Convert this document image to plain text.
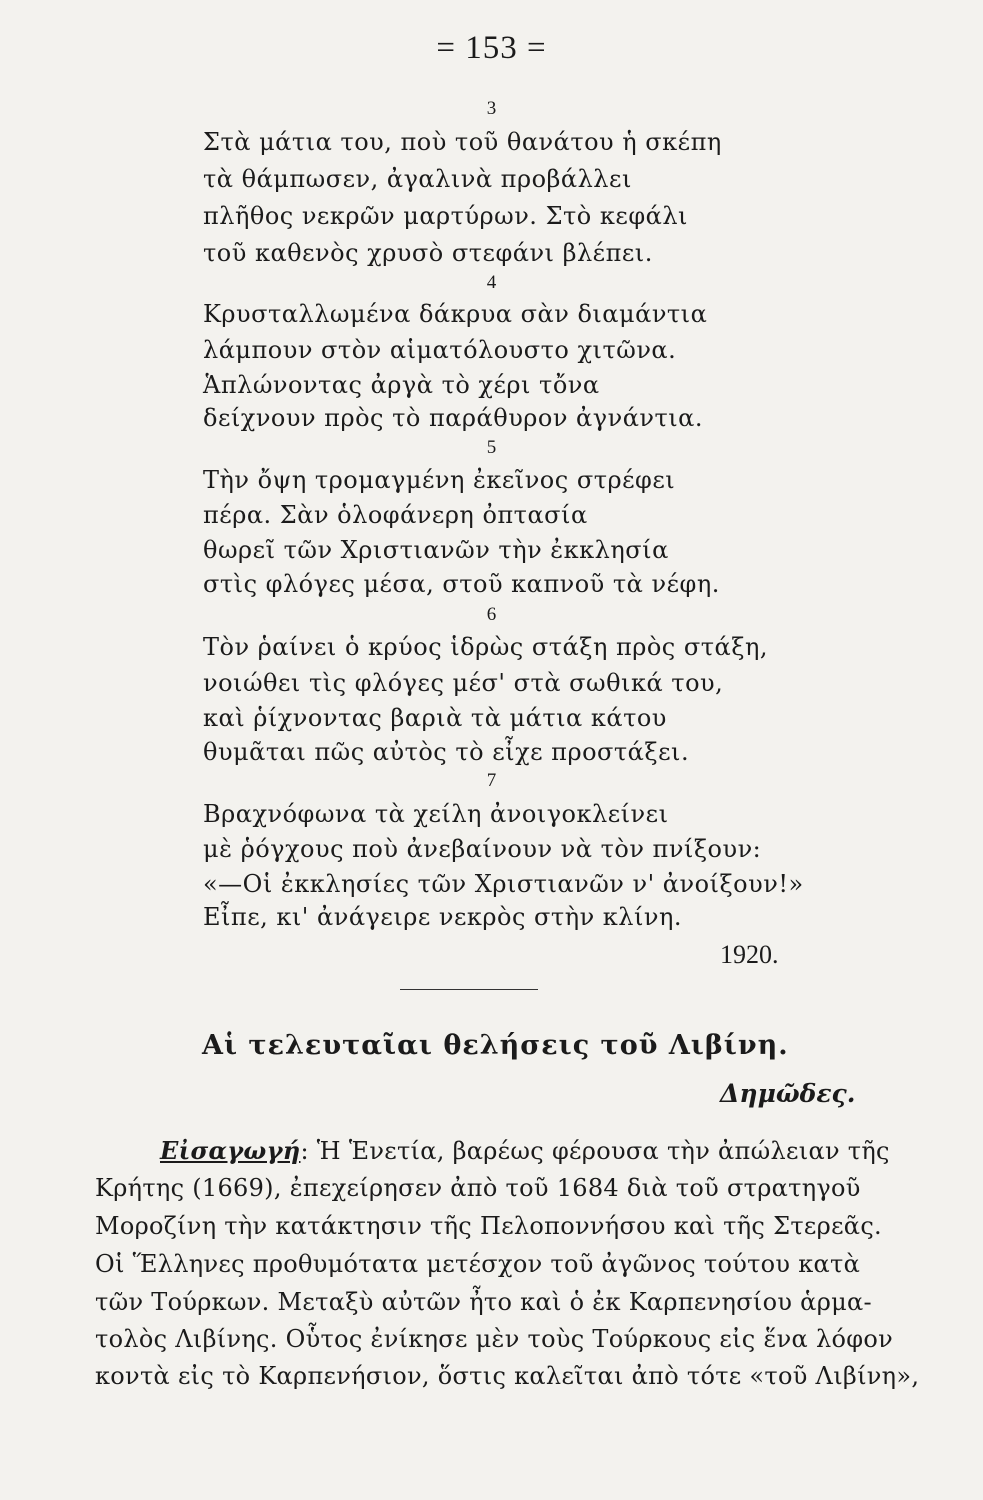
= 153 =
3
Στὰ μάτια του, ποὺ τοῦ θανάτου ἡ σκέπη
τὰ θάμπωσεν, ἀγαλινὰ προβάλλει
πλῆθος νεκρῶν μαρτύρων. Στὸ κεφάλι
τοῦ καθενὸς χρυσὸ στεφάνι βλέπει.
4
Κρυσταλλωμένα δάκρυα σὰν διαμάντια
λάμπουν στὸν αἱματόλουστο χιτῶνα.
Ἁπλώνοντας ἀργὰ τὸ χέρι τὄνα
δείχνουν πρὸς τὸ παράθυρον ἀγνάντια.
5
Τὴν ὄψη τρομαγμένη ἐκεῖνος στρέφει
πέρα. Σὰν ὁλοφάνερη ὀπτασία
θωρεῖ τῶν Χριστιανῶν τὴν ἐκκλησία
στὶς φλόγες μέσα, στοῦ καπνοῦ τὰ νέφη.
6
Τὸν ῥαίνει ὁ κρύος ἱδρὼς στάξη πρὸς στάξη,
νοιώθει τὶς φλόγες μέσ' στὰ σωθικά του,
καὶ ῥίχνοντας βαριὰ τὰ μάτια κάτου
θυμᾶται πῶς αὐτὸς τὸ εἶχε προστάξει.
7
Βραχνόφωνα τὰ χείλη ἀνοιγοκλείνει
μὲ ῥόγχους ποὺ ἀνεβαίνουν νὰ τὸν πνίξουν:
«—Οἱ ἐκκλησίες τῶν Χριστιανῶν ν' ἀνοίξουν!»
Εἶπε, κι' ἀνάγειρε νεκρὸς στὴν κλίνη.
1920.
Αἱ τελευταῖαι θελήσεις τοῦ Λιβίνη.
Δημῶδες.
Εἰσαγωγή: Ἡ Ἑνετία, βαρέως φέρουσα τὴν ἀπώλειαν τῆς
Κρήτης (1669), ἐπεχείρησεν ἀπὸ τοῦ 1684 διὰ τοῦ στρατηγοῦ
Μοροζίνη τὴν κατάκτησιν τῆς Πελοποννήσου καὶ τῆς Στερεᾶς.
Οἱ Ἕλληνες προθυμότατα μετέσχον τοῦ ἀγῶνος τούτου κατὰ
τῶν Τούρκων. Μεταξὺ αὐτῶν ἦτο καὶ ὁ ἐκ Καρπενησίου ἁρμα-
τολὸς Λιβίνης. Οὗτος ἐνίκησε μὲν τοὺς Τούρκους εἰς ἕνα λόφον
κοντὰ εἰς τὸ Καρπενήσιον, ὅστις καλεῖται ἀπὸ τότε «τοῦ Λιβίνη»,
